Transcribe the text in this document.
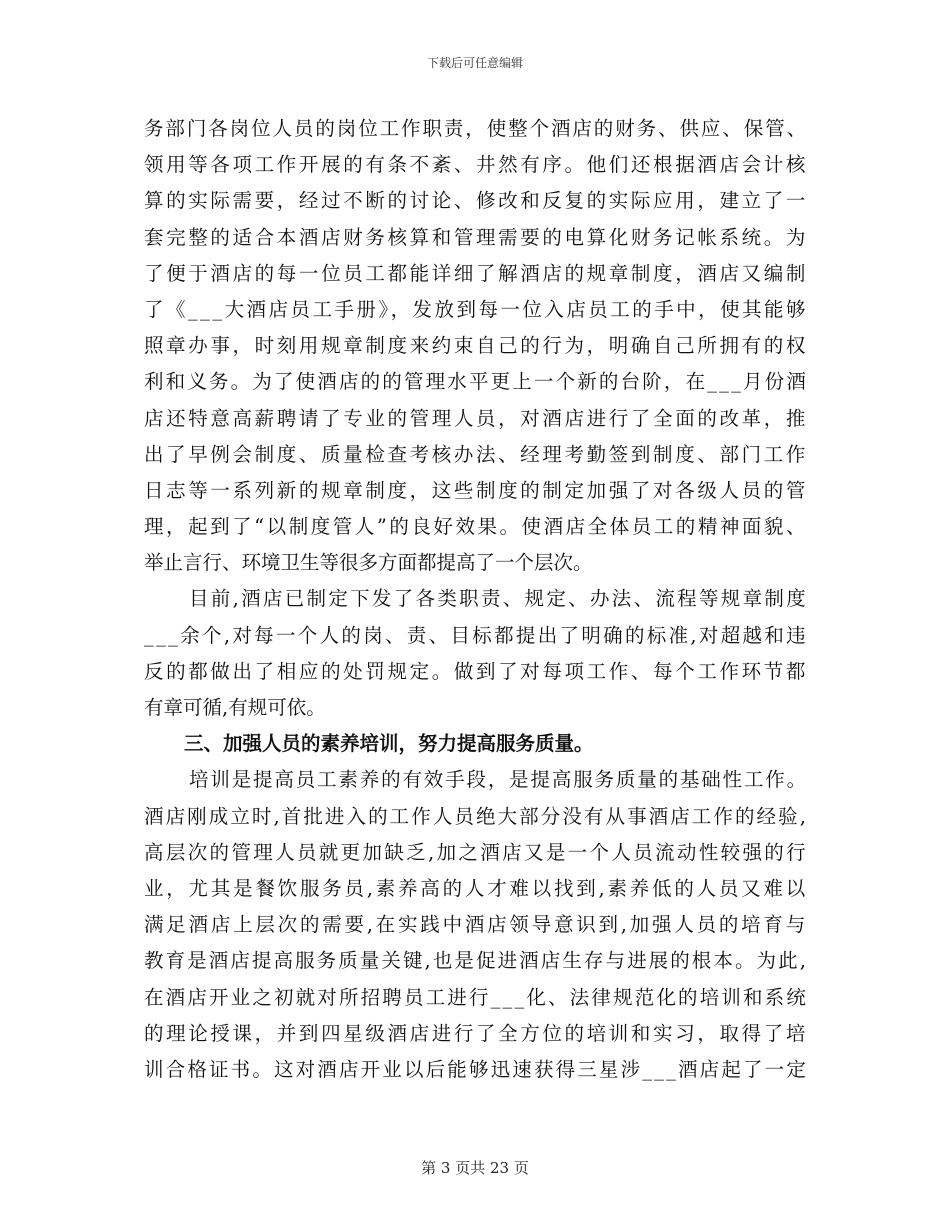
下载后可任意编辑
务部门各岗位人员的岗位工作职责，使整个酒店的财务、供应、保管、
领用等各项工作开展的有条不紊、井然有序。他们还根据酒店会计核
算的实际需要，经过不断的讨论、修改和反复的实际应用，建立了一
套完整的适合本酒店财务核算和管理需要的电算化财务记帐系统。为
了便于酒店的每一位员工都能详细了解酒店的规章制度，酒店又编制
了《___大酒店员工手册》，发放到每一位入店员工的手中，使其能够
照章办事，时刻用规章制度来约束自己的行为，明确自己所拥有的权
利和义务。为了使酒店的的管理水平更上一个新的台阶，在___月份酒
店还特意高薪聘请了专业的管理人员，对酒店进行了全面的改革，推
出了早例会制度、质量检查考核办法、经理考勤签到制度、部门工作
日志等一系列新的规章制度，这些制度的制定加强了对各级人员的管
理，起到了“以制度管人”的良好效果。使酒店全体员工的精神面貌、
举止言行、环境卫生等很多方面都提高了一个层次。
目前,酒店已制定下发了各类职责、规定、办法、流程等规章制度
___余个,对每一个人的岗、责、目标都提出了明确的标准,对超越和违
反的都做出了相应的处罚规定。做到了对每项工作、每个工作环节都
有章可循,有规可依。
三、加强人员的素养培训，努力提高服务质量。
培训是提高员工素养的有效手段，是提高服务质量的基础性工作。
酒店刚成立时,首批进入的工作人员绝大部分没有从事酒店工作的经验,
高层次的管理人员就更加缺乏,加之酒店又是一个人员流动性较强的行
业，尤其是餐饮服务员,素养高的人才难以找到,素养低的人员又难以
满足酒店上层次的需要,在实践中酒店领导意识到,加强人员的培育与
教育是酒店提高服务质量关键,也是促进酒店生存与进展的根本。为此,
在酒店开业之初就对所招聘员工进行___化、法律规范化的培训和系统
的理论授课，并到四星级酒店进行了全方位的培训和实习，取得了培
训合格证书。这对酒店开业以后能够迅速获得三星涉___酒店起了一定
第 3 页共 23 页
